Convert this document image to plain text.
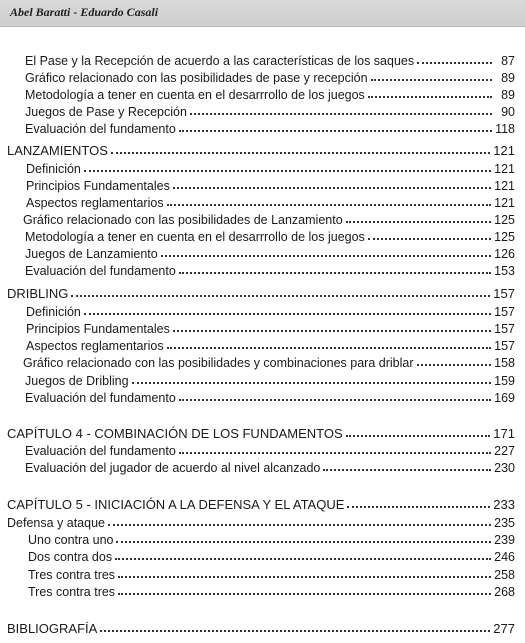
Abel Baratti - Eduardo Casali
El Pase y la Recepción de acuerdo a las características de los saques	87
Gráfico relacionado con las posibilidades de pase y recepción	89
Metodología a tener en cuenta en el desarrrollo de los juegos	89
Juegos de Pase y Recepción	90
Evaluación del fundamento	118
LANZAMIENTOS	121
Definición	121
Principios Fundamentales	121
Aspectos reglamentarios	121
Gráfico relacionado con las posibilidades de Lanzamiento	125
Metodología a tener en cuenta en el desarrrollo de los juegos	125
Juegos de Lanzamiento	126
Evaluación del fundamento	153
DRIBLING	157
Definición	157
Principios Fundamentales	157
Aspectos reglamentarios	157
Gráfico relacionado con las posibilidades y combinaciones para driblar	158
Juegos de Dribling	159
Evaluación del fundamento	169
CAPÍTULO 4 - COMBINACIÓN DE LOS FUNDAMENTOS	171
Evaluación del fundamento	227
Evaluación del jugador de acuerdo al nivel alcanzado	230
CAPÍTULO 5 - INICIACIÓN A LA DEFENSA Y EL ATAQUE	233
Defensa y ataque	235
Uno contra uno	239
Dos contra dos	246
Tres contra tres	258
Tres contra tres	268
BIBLIOGRAFÍA	277
